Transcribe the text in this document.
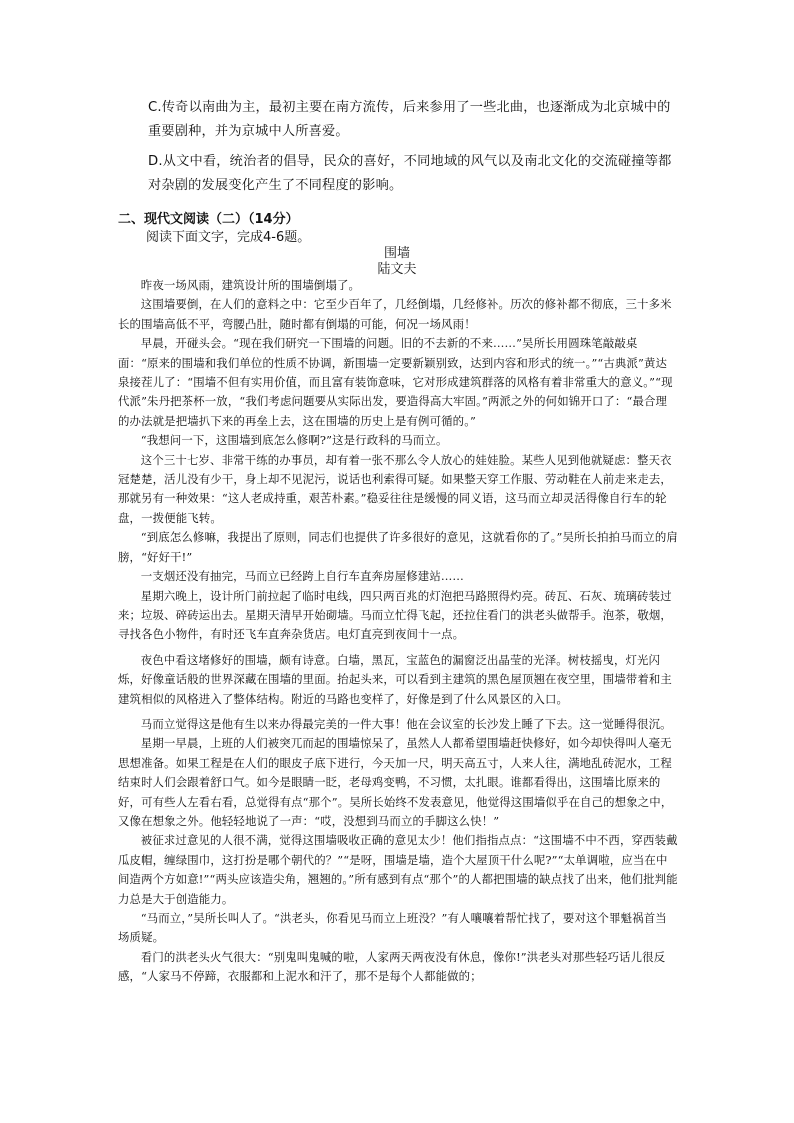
C.传奇以南曲为主，最初主要在南方流传，后来参用了一些北曲，也逐渐成为北京城中的重要剧种，并为京城中人所喜爱。
D.从文中看，统治者的倡导，民众的喜好，不同地域的风气以及南北文化的交流碰撞等都对杂剧的发展变化产生了不同程度的影响。
二、现代文阅读（二）（14分）
阅读下面文字，完成4-6题。
围墙
陆文夫

昨夜一场风雨，建筑设计所的围墙倒塌了。

这围墙要倒，在人们的意料之中：它至少百年了，几经倒塌，几经修补。历次的修补都不彻底，三十多米长的围墙高低不平，弯腰凸肚，随时都有倒塌的可能，何况一场风雨！

早晨，开碰头会。“现在我们研究一下围墙的问题。旧的不去新的不来……”吴所长用圆珠笔敲敲桌面：“原来的围墙和我们单位的性质不协调，新围墙一定要新颖别致，达到内容和形式的统一。”“古典派”黄达泉接茬儿了：“围墙不但有实用价值，而且富有装饰意味，它对形成建筑群落的风格有着非常重大的意义。”“现代派”朱丹把茶杯一放，“我们考虑问题要从实际出发，要造得高大牢固。”两派之外的何如锦开口了：“最合理的办法就是把墙扒下来的再垒上去，这在围墙的历史上是有例可循的。”

“我想问一下，这围墙到底怎么修啊?”这是行政科的马而立。

这个三十七岁、非常干练的办事员，却有着一张不那么令人放心的娃娃脸。某些人见到他就疑虑：整天衣冠楚楚，活儿没有少干，身上却不见泥污，说话也利索得可疑。如果整天穿工作服、劳动鞋在人前走来走去，那就另有一种效果：“这人老成持重，艰苦朴素。”稳妥往往是缓慢的同义语，这马而立却灵活得像自行车的轮盘，一拨便能飞转。

“到底怎么修嘛，我提出了原则，同志们也提供了许多很好的意见，这就看你的了。”吴所长拍拍马而立的肩膀，“好好干!”

一支烟还没有抽完，马而立已经跨上自行车直奔房屋修建站……

星期六晚上，设计所门前拉起了临时电线，四只两百兆的灯泡把马路照得灼亮。砖瓦、石灰、琉璃砖装过来；垃圾、碎砖运出去。星期天清早开始砌墙。马而立忙得飞起，还拉住看门的洪老头做帮手。泡茶，敬烟，寻找各色小物件，有时还飞车直奔杂货店。电灯直亮到夜间十一点。

夜色中看这堵修好的围墙，颇有诗意。白墙，黑瓦，宝蓝色的漏窗泛出晶莹的光泽。树枝摇曳，灯光闪烁，好像童话般的世界深藏在围墙的里面。抬起头来，可以看到主建筑的黑色屋顶翘在夜空里，围墙带着和主建筑相似的风格进入了整体结构。附近的马路也变样了，好像是到了什么风景区的入口。

马而立觉得这是他有生以来办得最完美的一件大事！他在会议室的长沙发上睡了下去。这一觉睡得很沉。

星期一早晨，上班的人们被突兀而起的围墙惊呆了，虽然人人都希望围墙赶快修好，如今却快得叫人毫无思想准备。如果工程是在人们的眼皮子底下进行，今天加一尺，明天高五寸，人来人往，满地乱砖泥水，工程结束时人们会跟着舒口气。如今是眼睛一眨，老母鸡变鸭，不习惯，太扎眼。谁都看得出，这围墙比原来的好，可有些人左看右看，总觉得有点“那个”。吴所长始终不发表意见，他觉得这围墙似乎在自己的想象之中，又像在想象之外。他轻轻地说了一声：“哎，没想到马而立的手脚这么快！”

被征求过意见的人很不满，觉得这围墙吸收正确的意见太少！他们指指点点：“这围墙不中不西，穿西装戴瓜皮帽，缠绿围巾，这打扮是哪个朝代的？”“是呀，围墙是墙，造个大屋顶干什么呢?”“太单调啦，应当在中间造两个方如意!”“两头应该造尖角，翘翘的。”所有感到有点“那个”的人都把围墙的缺点找了出来，他们批判能力总是大于创造能力。

“马而立，”吴所长叫人了。“洪老头，你看见马而立上班没？”有人嚷嚷着帮忙找了，要对这个罪魁祸首当场质疑。

看门的洪老头火气很大：“别鬼叫鬼喊的啦，人家两天两夜没有休息，像你!”洪老头对那些轻巧话儿很反感，“人家马不停蹄，衣服都和上泥水和汗了，那不是每个人都能做的；
